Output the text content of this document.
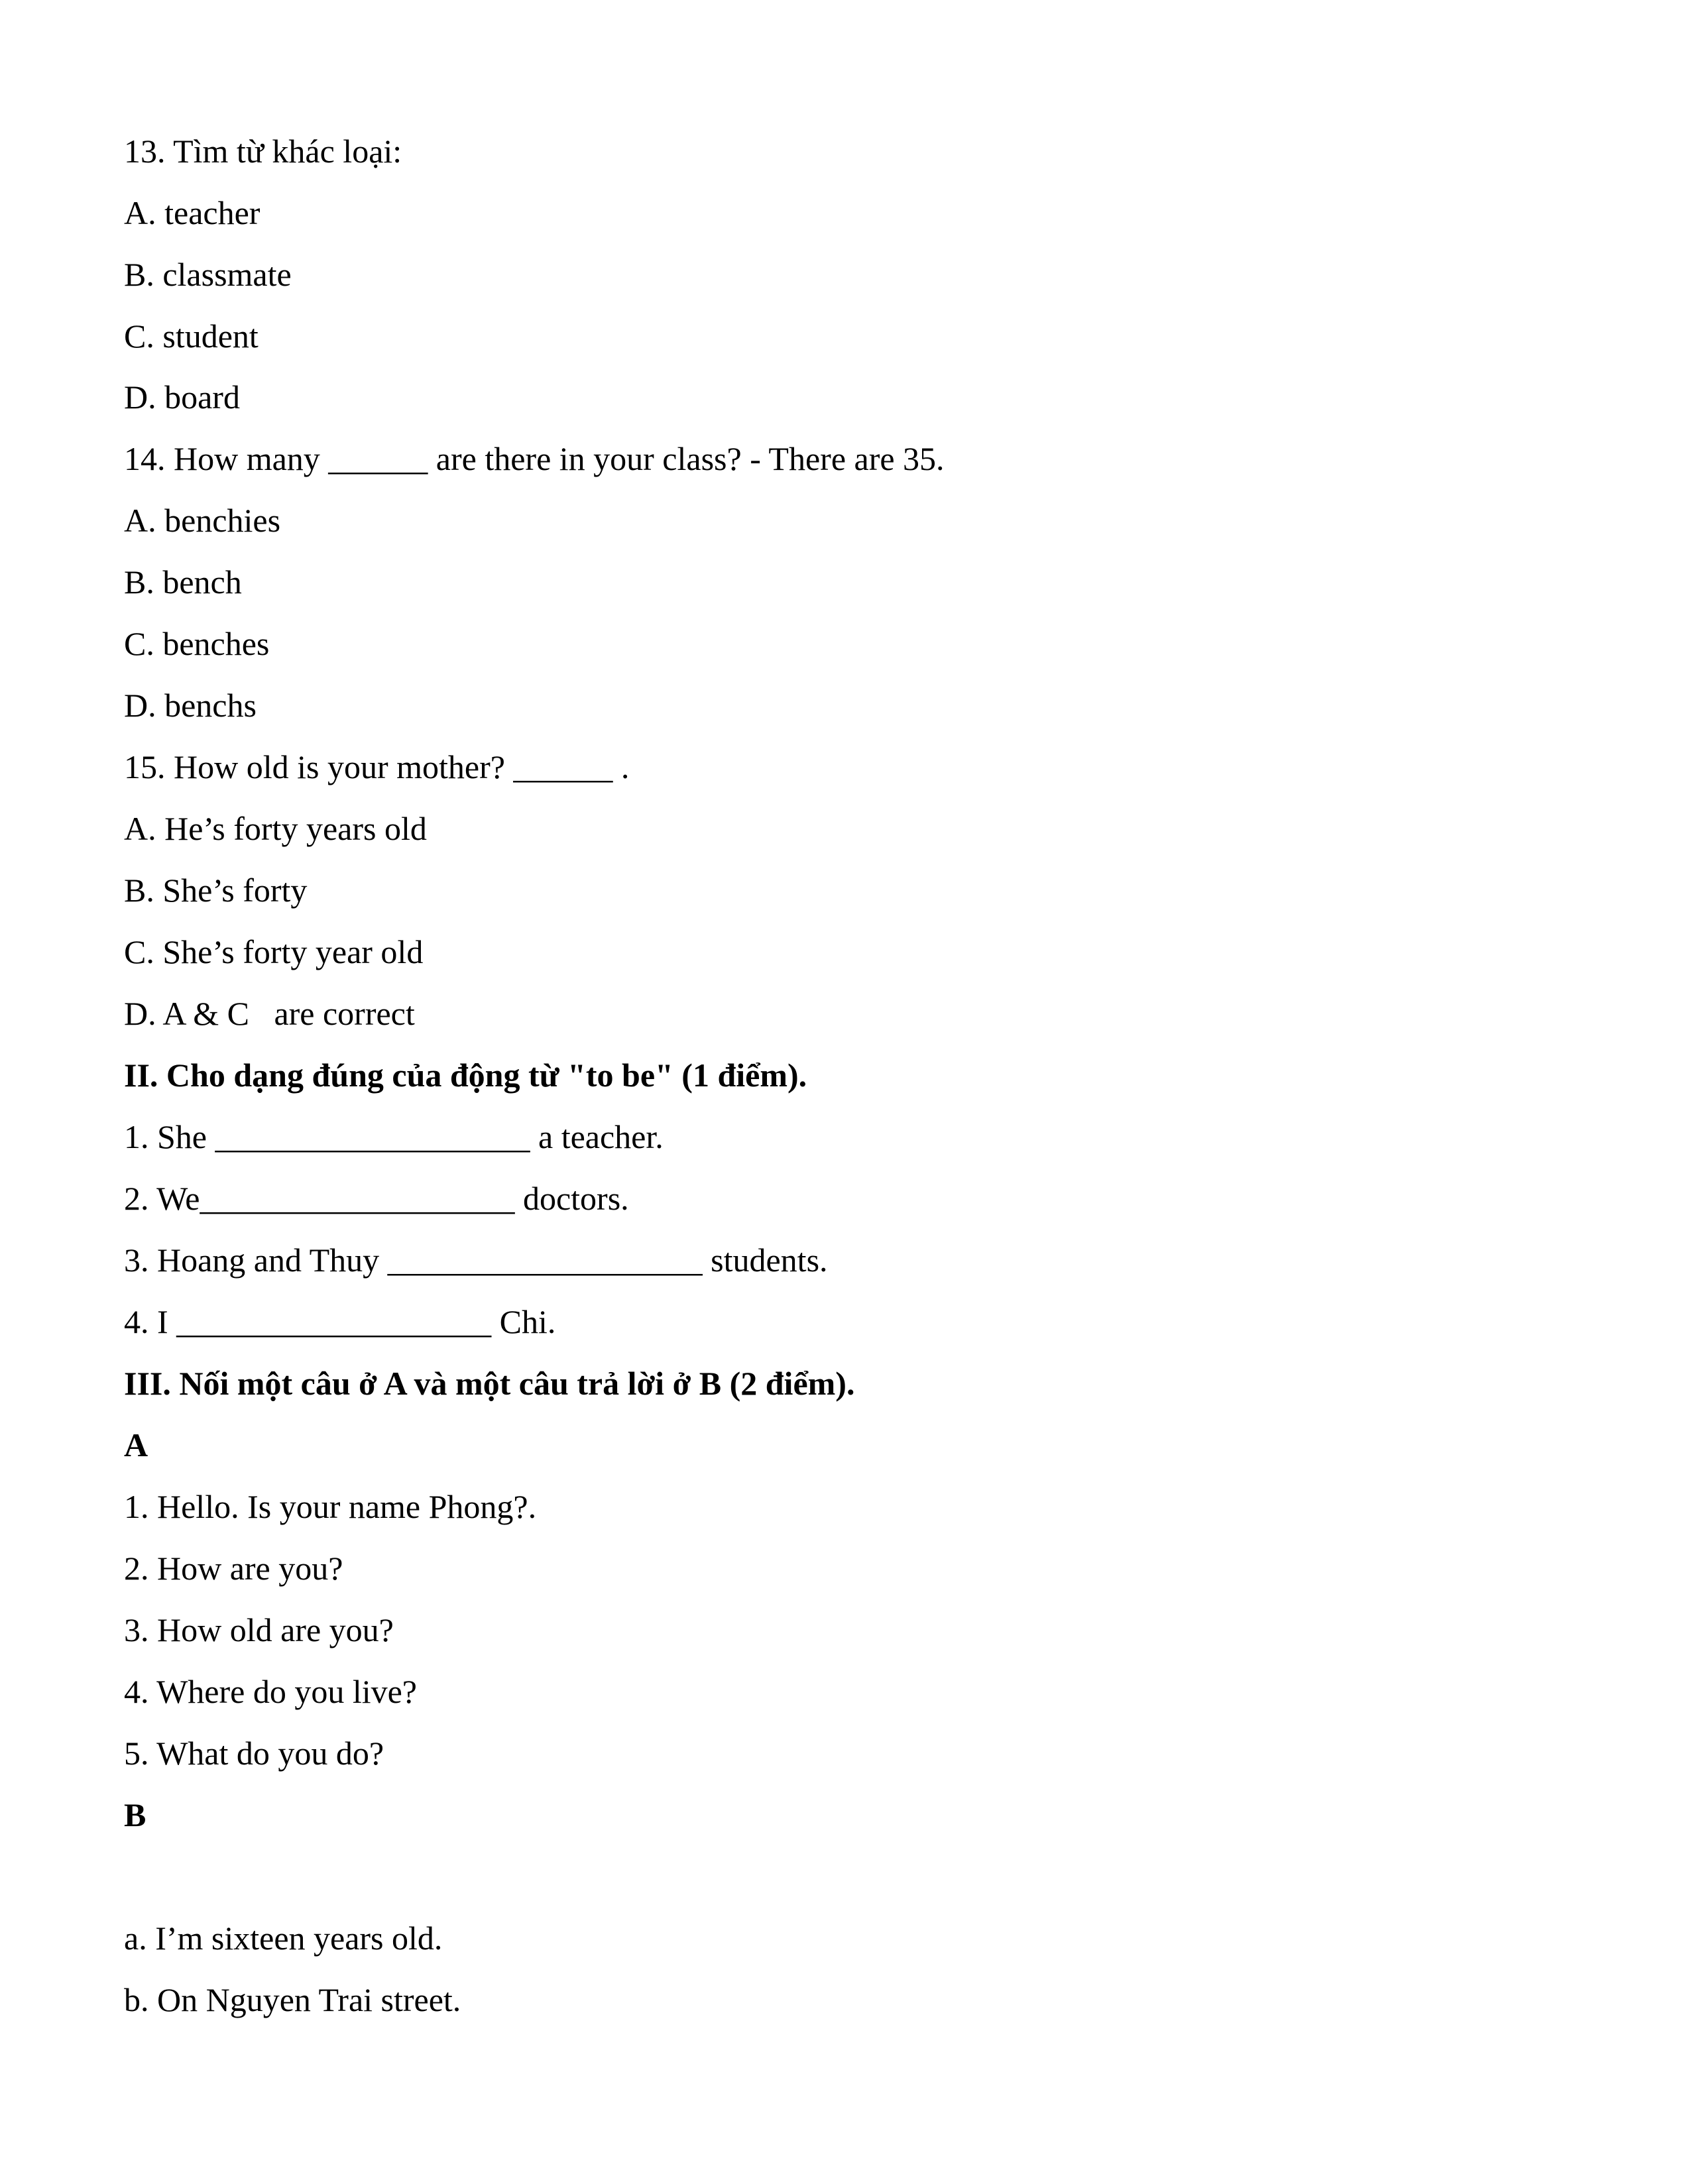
13. Tìm từ khác loại:
A. teacher
B. classmate
C. student
D. board
14. How many ______ are there in your class? - There are 35.
A. benchies
B. bench
C. benches
D. benchs
15. How old is your mother? ______ .
A. He’s forty years old
B. She’s forty
C. She’s forty year old
D. A & C   are correct
II. Cho dạng đúng của động từ "to be" (1 điểm).
1. She ___________________ a teacher.
2. We___________________ doctors.
3. Hoang and Thuy ___________________ students.
4. I ___________________ Chi.
III. Nối một câu ở A và một câu trả lời ở B (2 điểm).
A
1. Hello. Is your name Phong?.
2. How are you?
3. How old are you?
4. Where do you live?
5. What do you do?
B
a. I’m sixteen years old.
b. On Nguyen Trai street.
